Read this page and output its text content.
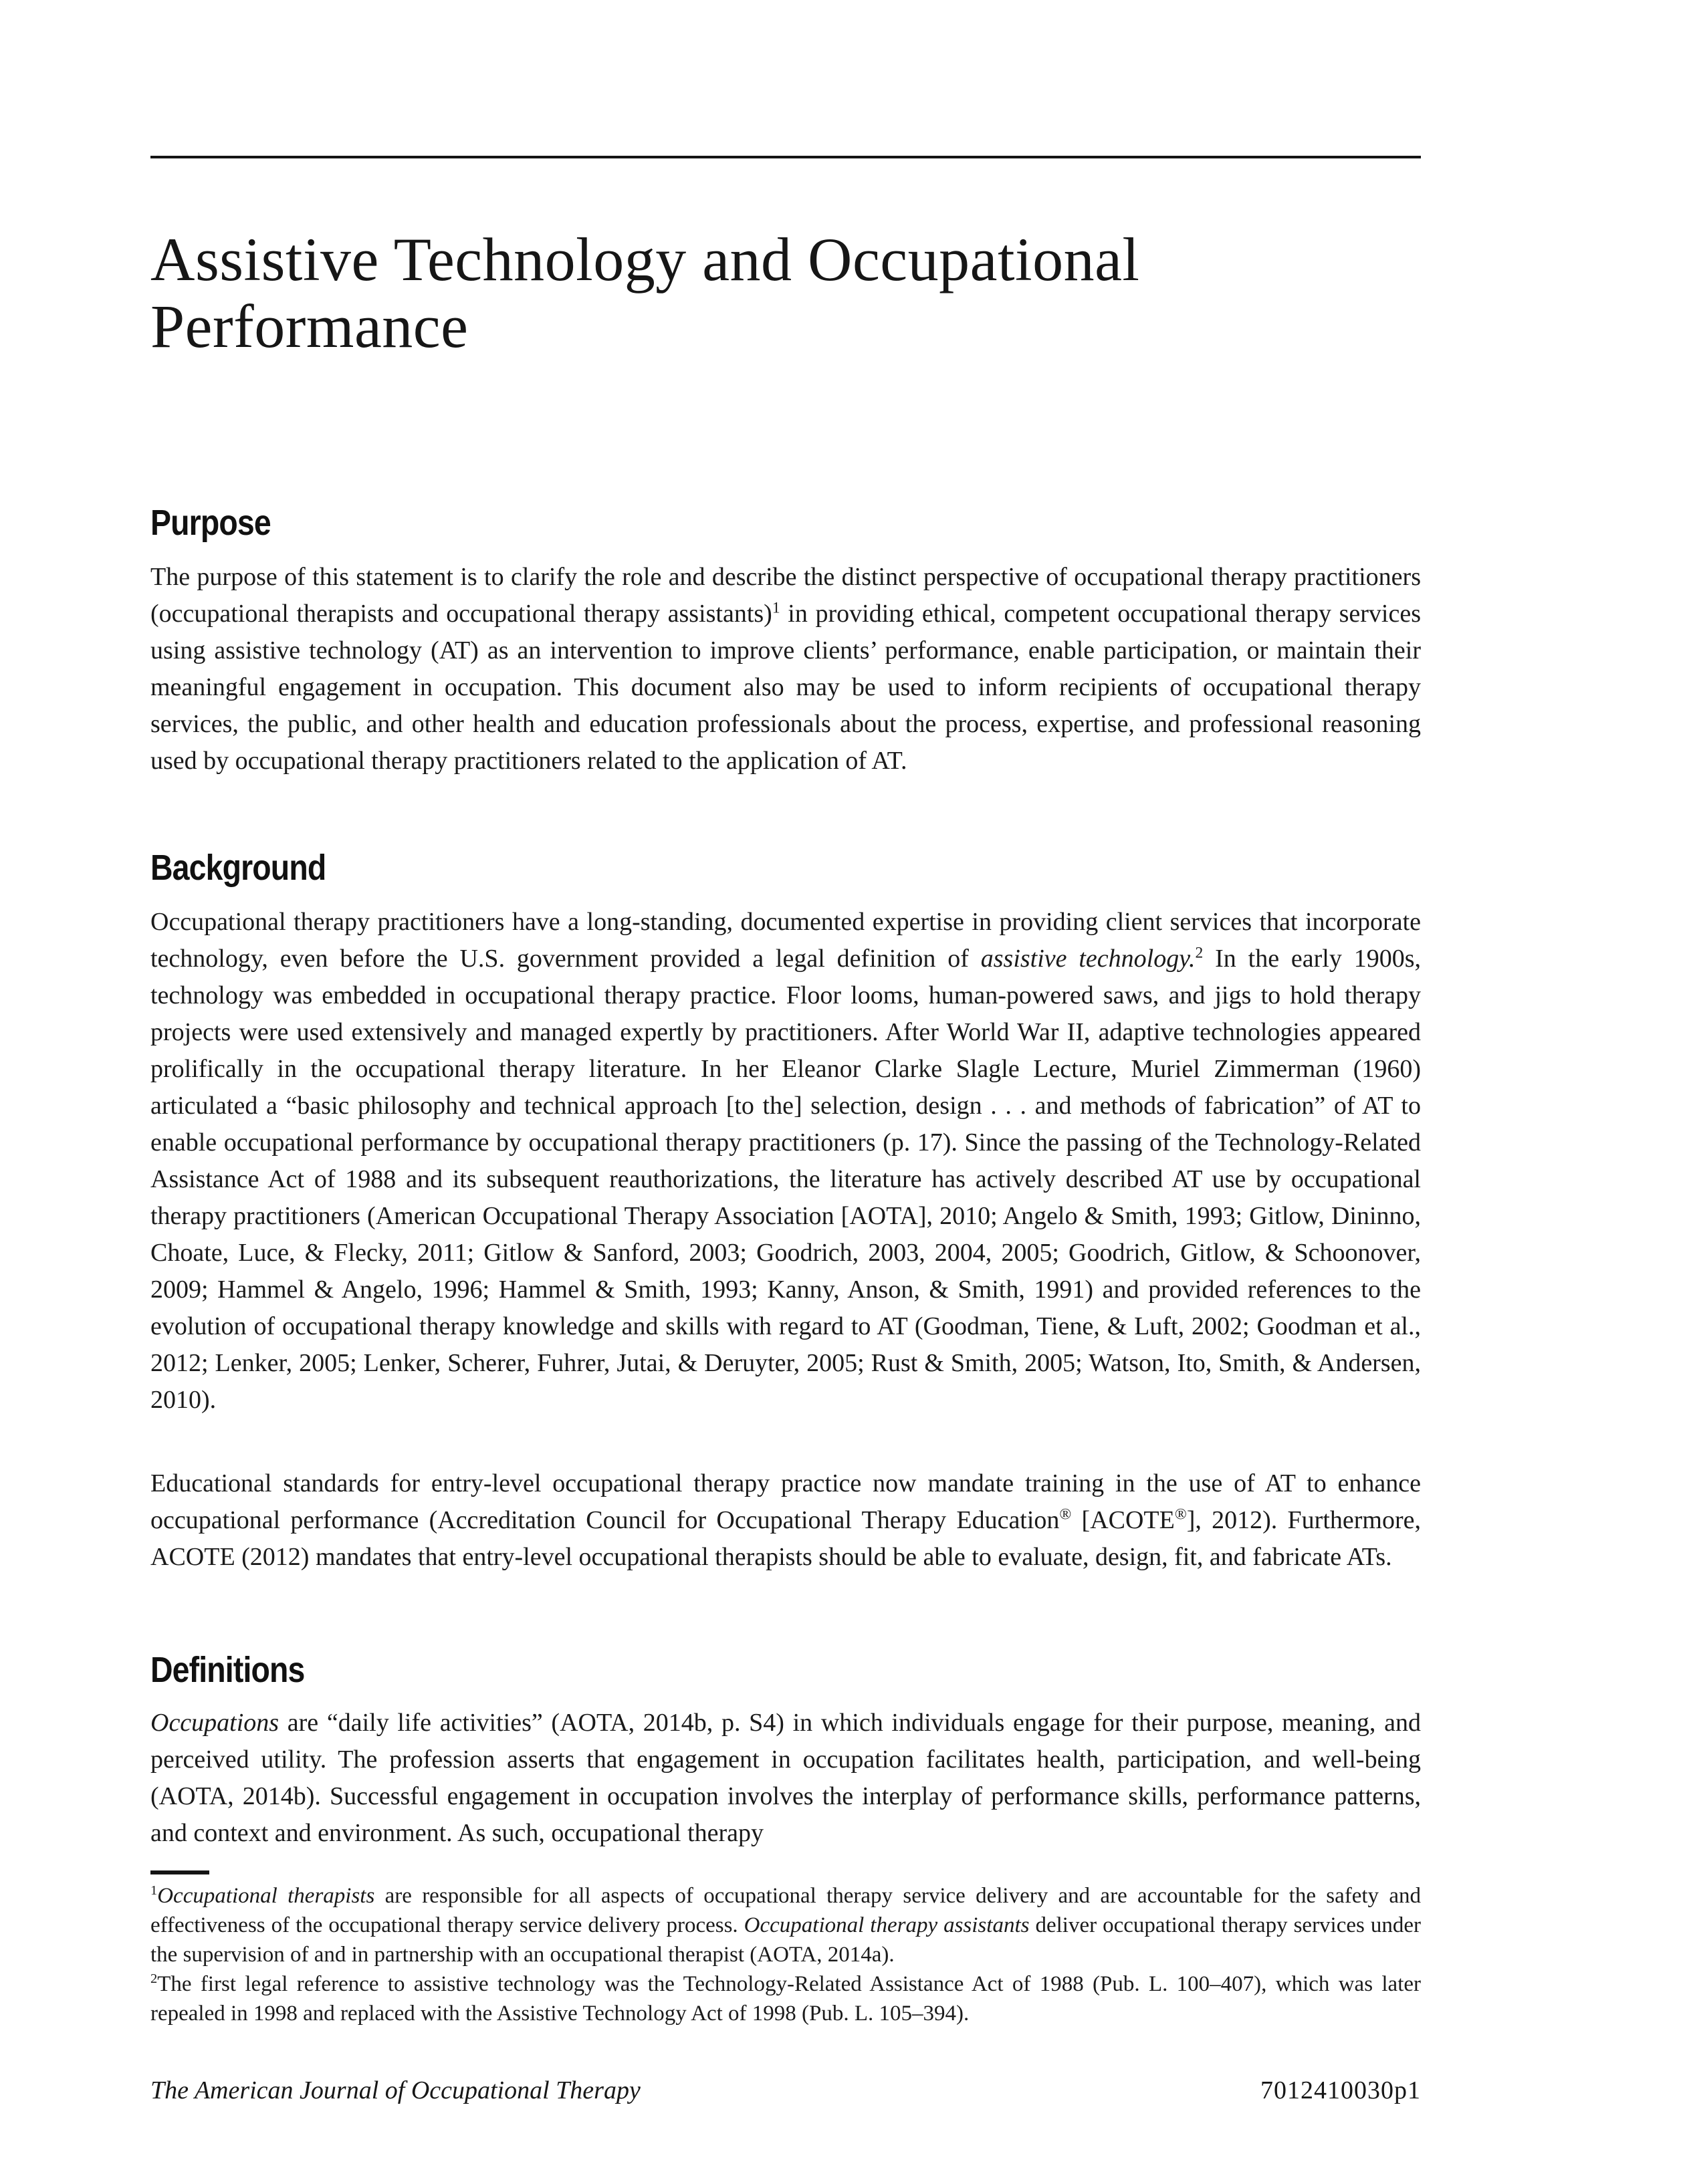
Assistive Technology and Occupational Performance
Purpose

The purpose of this statement is to clarify the role and describe the distinct perspective of occupational therapy practitioners (occupational therapists and occupational therapy assistants)$^1$ in providing ethical, competent occupational therapy services using assistive technology (AT) as an intervention to improve clients’ performance, enable participation, or maintain their meaningful engagement in occupation. This document also may be used to inform recipients of occupational therapy services, the public, and other health and education professionals about the process, expertise, and professional reasoning used by occupational therapy practitioners related to the application of AT.

Background

Occupational therapy practitioners have a long-standing, documented expertise in providing client services that incorporate technology, even before the U.S. government provided a legal definition of assistive technology.$^2$ In the early 1900s, technology was embedded in occupational therapy practice. Floor looms, human-powered saws, and jigs to hold therapy projects were used extensively and managed expertly by practitioners. After World War II, adaptive technologies appeared prolifically in the occupational therapy literature. In her Eleanor Clarke Slagle Lecture, Muriel Zimmerman (1960) articulated a “basic philosophy and technical approach [to the] selection, design . . . and methods of fabrication” of AT to enable occupational performance by occupational therapy practitioners (p. 17). Since the passing of the Technology-Related Assistance Act of 1988 and its subsequent reauthorizations, the literature has actively described AT use by occupational therapy practitioners (American Occupational Therapy Association [AOTA], 2010; Angelo & Smith, 1993; Gitlow, Dininno, Choate, Luce, & Flecky, 2011; Gitlow & Sanford, 2003; Goodrich, 2003, 2004, 2005; Goodrich, Gitlow, & Schoonover, 2009; Hammel & Angelo, 1996; Hammel & Smith, 1993; Kanny, Anson, & Smith, 1991) and provided references to the evolution of occupational therapy knowledge and skills with regard to AT (Goodman, Tiene, & Luft, 2002; Goodman et al., 2012; Lenker, 2005; Lenker, Scherer, Fuhrer, Jutai, & Deruyter, 2005; Rust & Smith, 2005; Watson, Ito, Smith, & Andersen, 2010).

Educational standards for entry-level occupational therapy practice now mandate training in the use of AT to enhance occupational performance (Accreditation Council for Occupational Therapy Education® [ACOTE®], 2012). Furthermore, ACOTE (2012) mandates that entry-level occupational therapists should be able to evaluate, design, fit, and fabricate ATs.

Definitions

Occupations are “daily life activities” (AOTA, 2014b, p. S4) in which individuals engage for their purpose, meaning, and perceived utility. The profession asserts that engagement in occupation facilitates health, participation, and well-being (AOTA, 2014b). Successful engagement in occupation involves the interplay of performance skills, performance patterns, and context and environment. As such, occupational therapy

$^1$Occupational therapists are responsible for all aspects of occupational therapy service delivery and are accountable for the safety and effectiveness of the occupational therapy service delivery process. Occupational therapy assistants deliver occupational therapy services under the supervision of and in partnership with an occupational therapist (AOTA, 2014a).

$^2$The first legal reference to assistive technology was the Technology-Related Assistance Act of 1988 (Pub. L. 100–407), which was later repealed in 1998 and replaced with the Assistive Technology Act of 1998 (Pub. L. 105–394).

The American Journal of Occupational Therapy	7012410030p1
